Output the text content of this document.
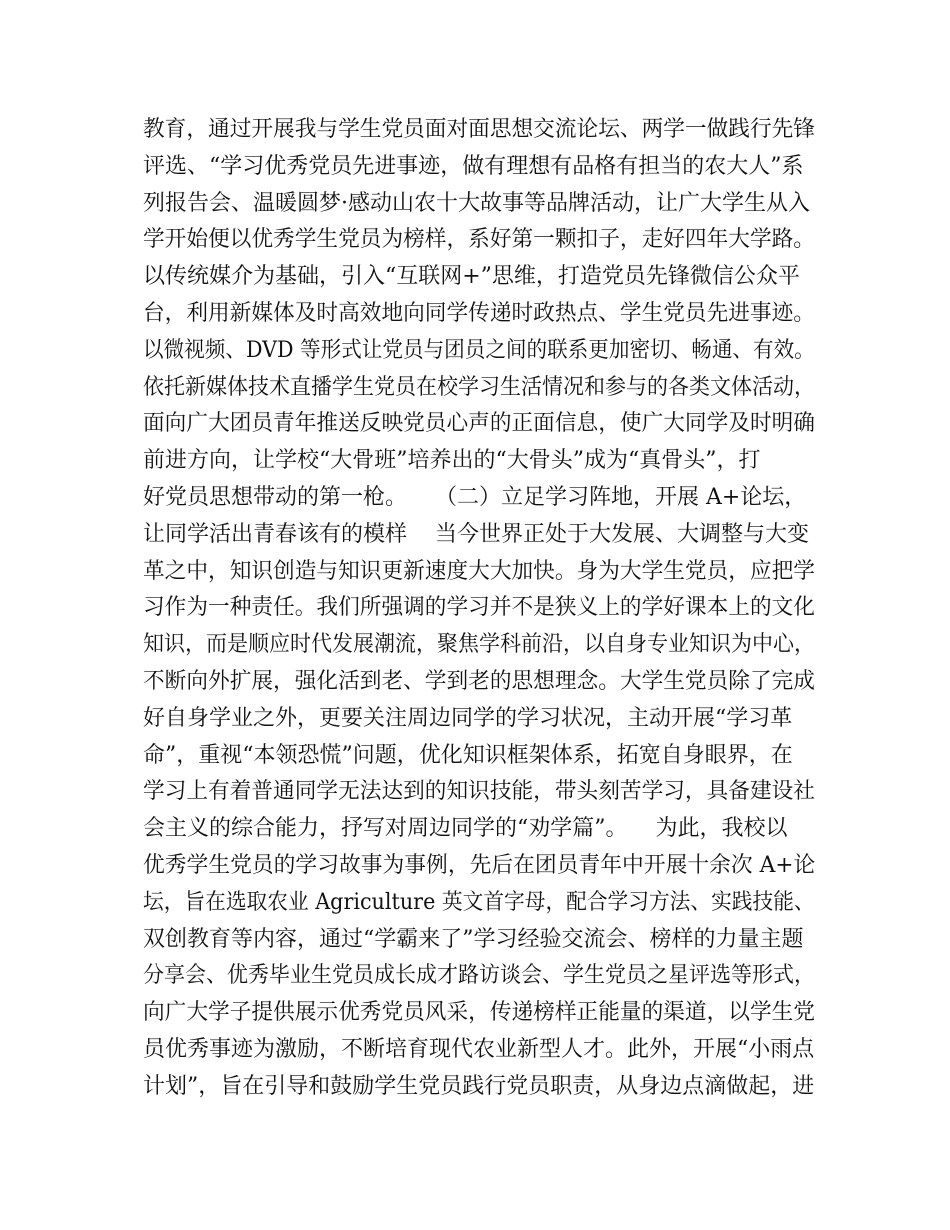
教育，通过开展我与学生党员面对面思想交流论坛、两学一做践行先锋
评选、“学习优秀党员先进事迹，做有理想有品格有担当的农大人”系
列报告会、温暖圆梦·感动山农十大故事等品牌活动，让广大学生从入
学开始便以优秀学生党员为榜样，系好第一颗扣子，走好四年大学路。
以传统媒介为基础，引入“互联网+”思维，打造党员先锋微信公众平
台，利用新媒体及时高效地向同学传递时政热点、学生党员先进事迹。
以微视频、DVD 等形式让党员与团员之间的联系更加密切、畅通、有效。
依托新媒体技术直播学生党员在校学习生活情况和参与的各类文体活动，
面向广大团员青年推送反映党员心声的正面信息，使广大同学及时明确
前进方向，让学校“大骨班”培养出的“大骨头”成为“真骨头”，打
好党员思想带动的第一枪。    （二）立足学习阵地，开展 A+论坛，
让同学活出青春该有的模样    当今世界正处于大发展、大调整与大变
革之中，知识创造与知识更新速度大大加快。身为大学生党员，应把学
习作为一种责任。我们所强调的学习并不是狭义上的学好课本上的文化
知识，而是顺应时代发展潮流，聚焦学科前沿，以自身专业知识为中心，
不断向外扩展，强化活到老、学到老的思想理念。大学生党员除了完成
好自身学业之外，更要关注周边同学的学习状况，主动开展“学习革
命”，重视“本领恐慌”问题，优化知识框架体系，拓宽自身眼界，在
学习上有着普通同学无法达到的知识技能，带头刻苦学习，具备建设社
会主义的综合能力，抒写对周边同学的“劝学篇”。    为此，我校以
优秀学生党员的学习故事为事例，先后在团员青年中开展十余次 A+论
坛，旨在选取农业 Agriculture 英文首字母，配合学习方法、实践技能、
双创教育等内容，通过“学霸来了”学习经验交流会、榜样的力量主题
分享会、优秀毕业生党员成长成才路访谈会、学生党员之星评选等形式，
向广大学子提供展示优秀党员风采，传递榜样正能量的渠道，以学生党
员优秀事迹为激励，不断培育现代农业新型人才。此外，开展“小雨点
计划”，旨在引导和鼓励学生党员践行党员职责，从身边点滴做起，进
